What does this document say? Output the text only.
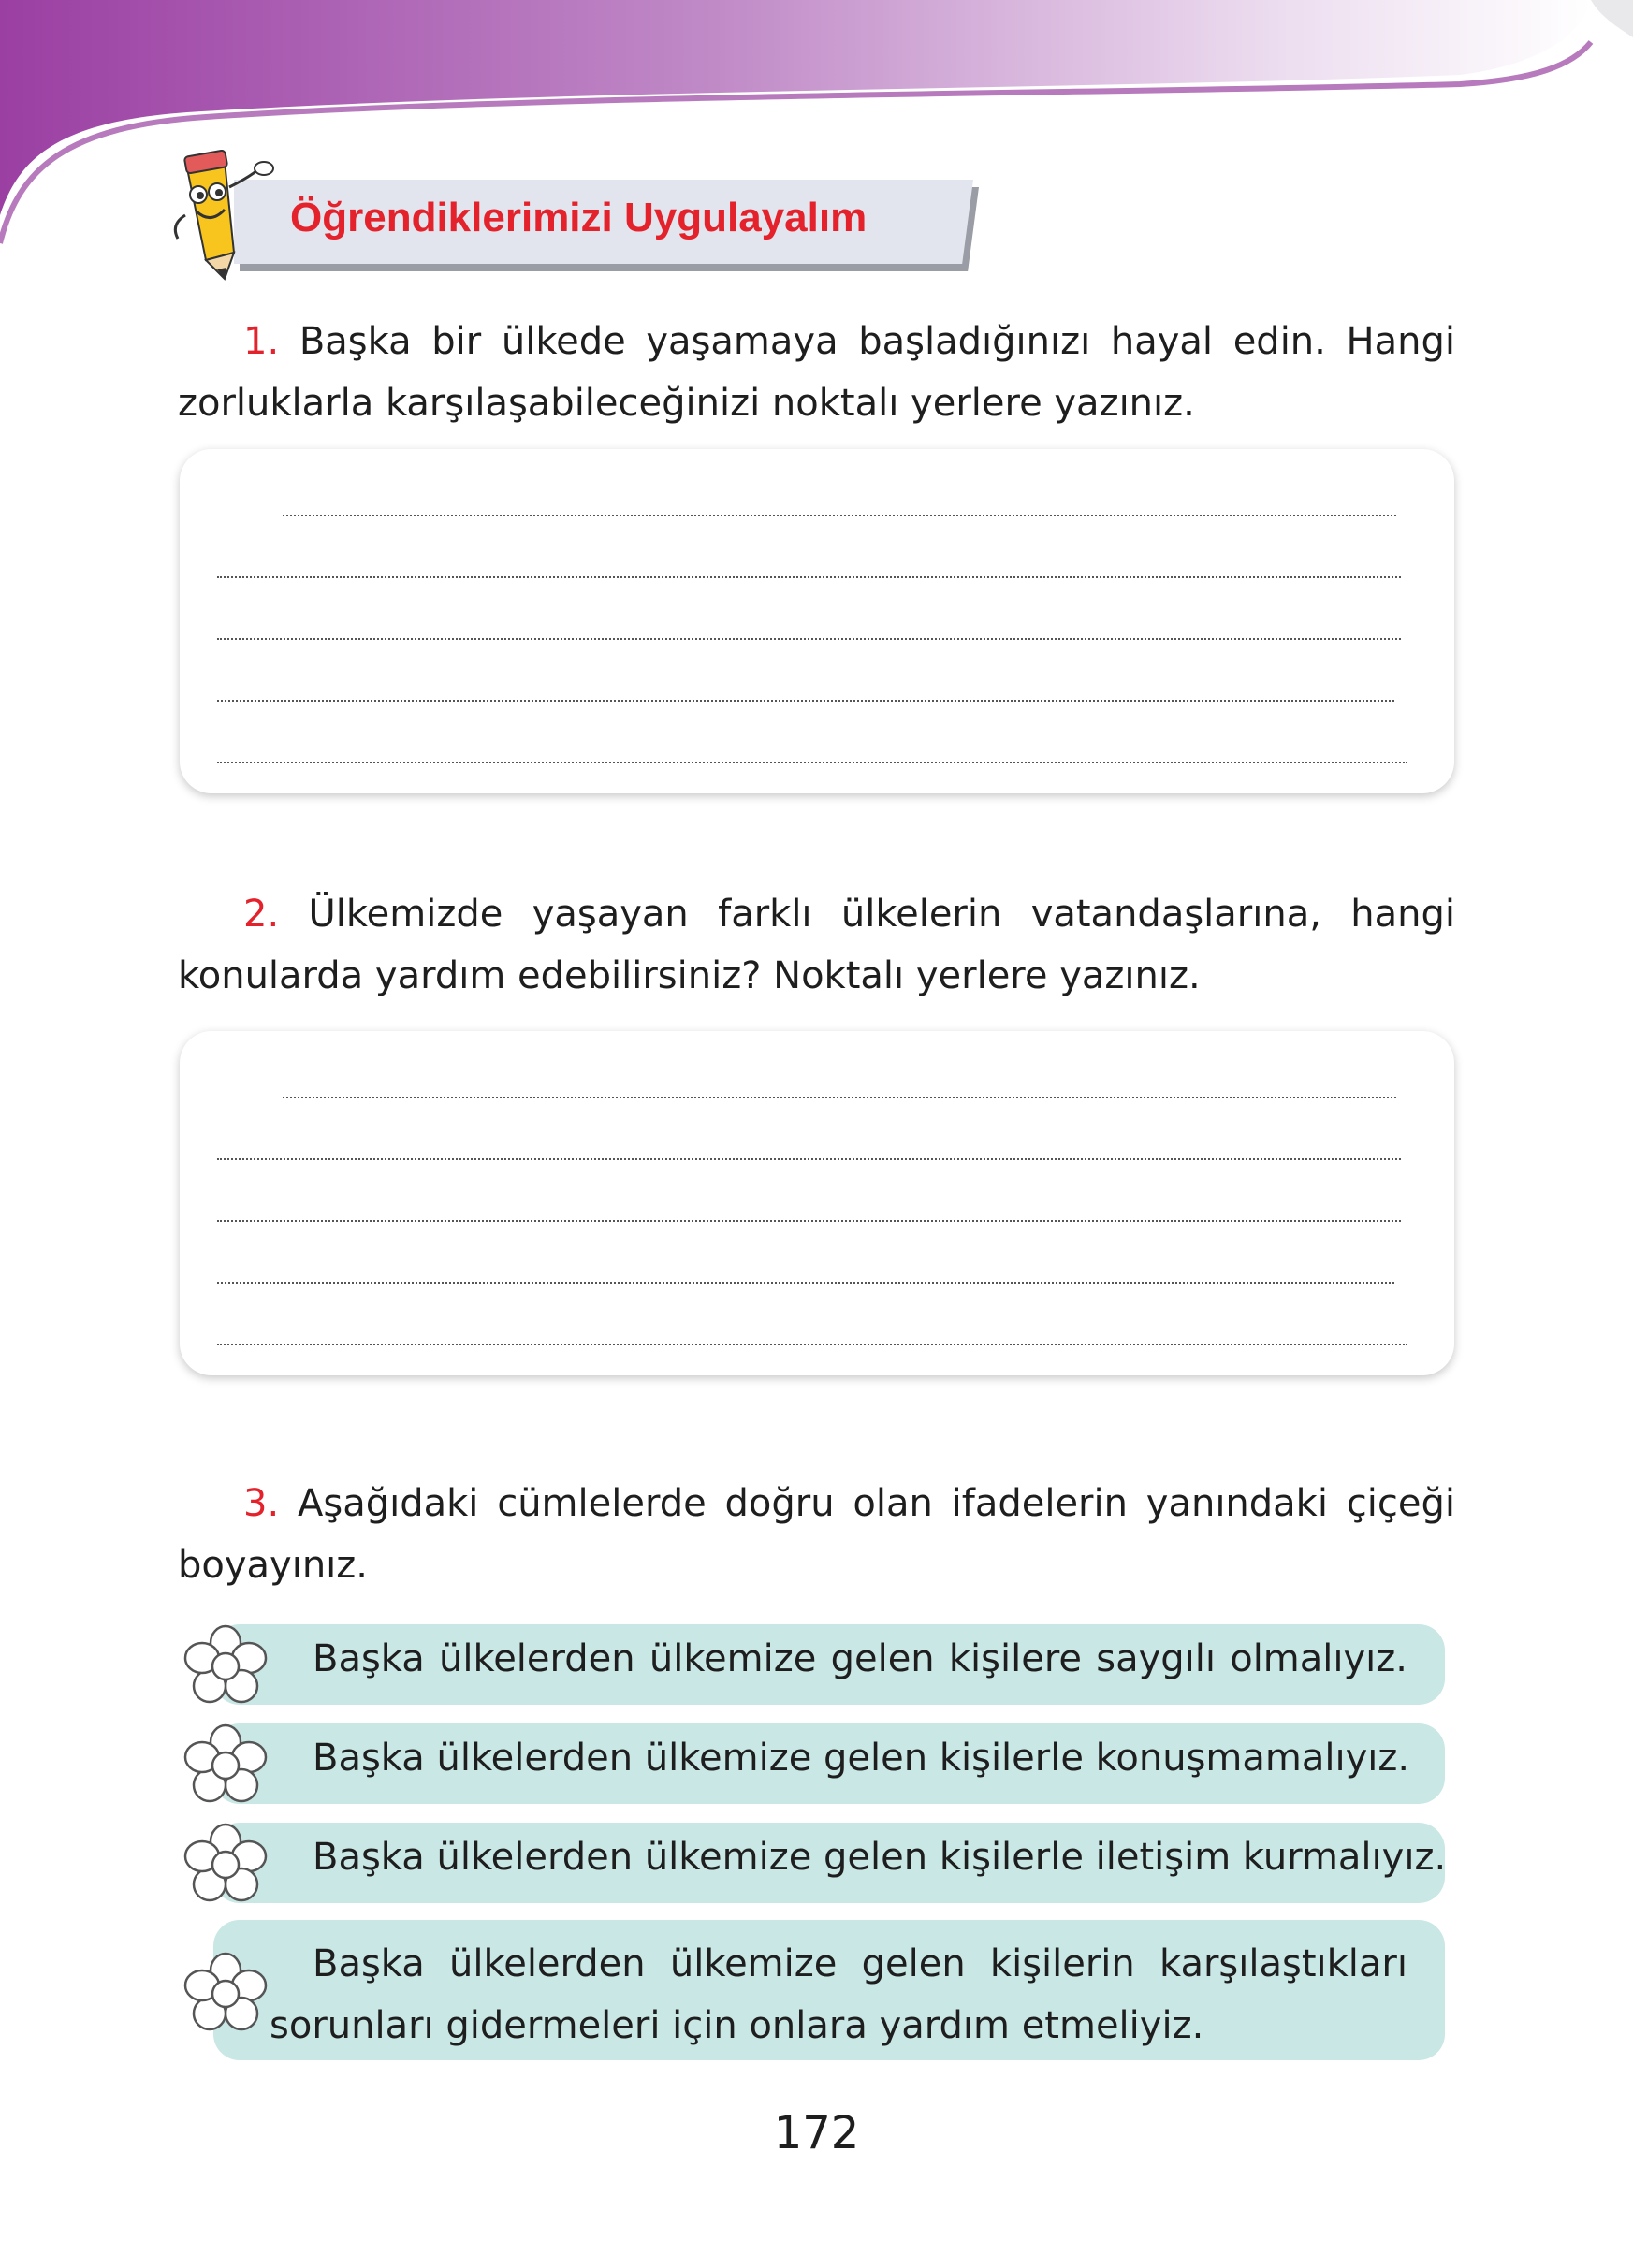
Öğrendiklerimizi Uygulayalım
1. Başka bir ülkede yaşamaya başladığınızı hayal edin. Hangi zorluklarla karşılaşabileceğinizi noktalı yerlere yazınız.
2. Ülkemizde yaşayan farklı ülkelerin vatandaşlarına, hangi konularda yardım edebilirsiniz? Noktalı yerlere yazınız.
3. Aşağıdaki cümlelerde doğru olan ifadelerin yanındaki çiçeği boyayınız.
Başka ülkelerden ülkemize gelen kişilere saygılı olmalıyız.
Başka ülkelerden ülkemize gelen kişilerle konuşmamalıyız.
Başka ülkelerden ülkemize gelen kişilerle iletişim kurmalıyız.
Başka ülkelerden ülkemize gelen kişilerin karşılaştıkları sorunları gidermeleri için onlara yardım etmeliyiz.
172
